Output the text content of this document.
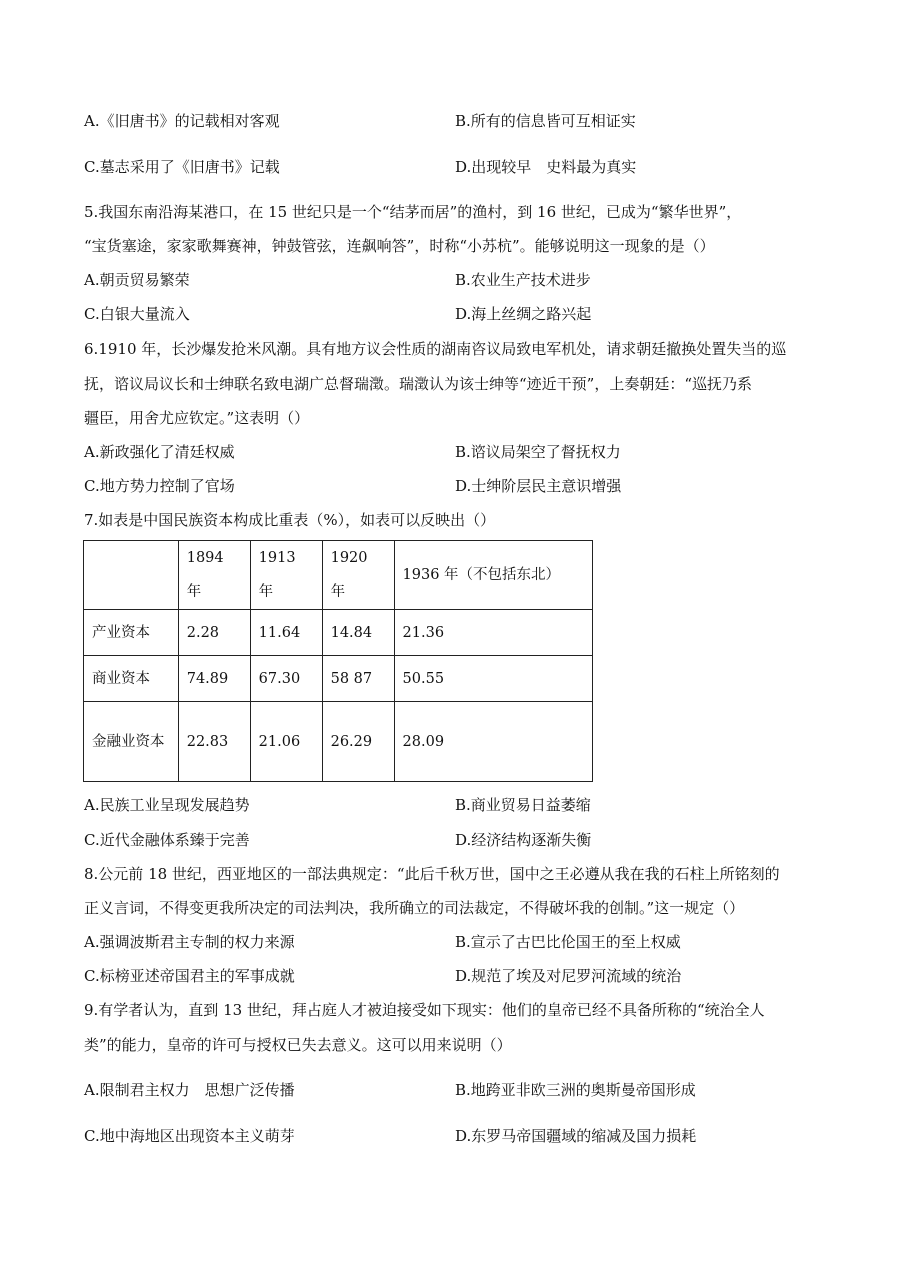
A.《旧唐书》的记载相对客观	B.所有的信息皆可互相证实
C.墓志采用了《旧唐书》记载	D.出现较早　史料最为真实
5.我国东南沿海某港口，在 15 世纪只是一个“结茅而居”的渔村，到 16 世纪，已成为“繁华世界”，
“宝货塞途，家家歌舞赛神，钟鼓管弦，连飙响答”，时称“小苏杭”。能够说明这一现象的是（）
A.朝贡贸易繁荣	B.农业生产技术进步
C.白银大量流入	D.海上丝绸之路兴起
6.1910 年，长沙爆发抢米风潮。具有地方议会性质的湖南咨议局致电军机处，请求朝廷撤换处置失当的巡
抚，谘议局议长和士绅联名致电湖广总督瑞澂。瑞澂认为该士绅等“迹近干预”，上奏朝廷：“巡抚乃系
疆臣，用舍尤应钦定。”这表明（）
A.新政强化了清廷权威	B.谘议局架空了督抚权力
C.地方势力控制了官场	D.士绅阶层民主意识增强
7.如表是中国民族资本构成比重表（%），如表可以反映出（）
	1894 年	1913 年	1920 年	1936 年（不包括东北）
产业资本	2.28	11.64	14.84	21.36
商业资本	74.89	67.30	58 87	50.55
金融业资本	22.83	21.06	26.29	28.09
A.民族工业呈现发展趋势	B.商业贸易日益萎缩
C.近代金融体系臻于完善	D.经济结构逐渐失衡
8.公元前 18 世纪，西亚地区的一部法典规定：“此后千秋万世，国中之王必遵从我在我的石柱上所铭刻的
正义言词，不得变更我所决定的司法判决，我所确立的司法裁定，不得破坏我的创制。”这一规定（）
A.强调波斯君主专制的权力来源	B.宣示了古巴比伦国王的至上权威
C.标榜亚述帝国君主的军事成就	D.规范了埃及对尼罗河流域的统治
9.有学者认为，直到 13 世纪，拜占庭人才被迫接受如下现实：他们的皇帝已经不具备所称的“统治全人
类”的能力，皇帝的许可与授权已失去意义。这可以用来说明（）
A.限制君主权力　思想广泛传播	B.地跨亚非欧三洲的奥斯曼帝国形成
C.地中海地区出现资本主义萌芽	D.东罗马帝国疆域的缩减及国力损耗
